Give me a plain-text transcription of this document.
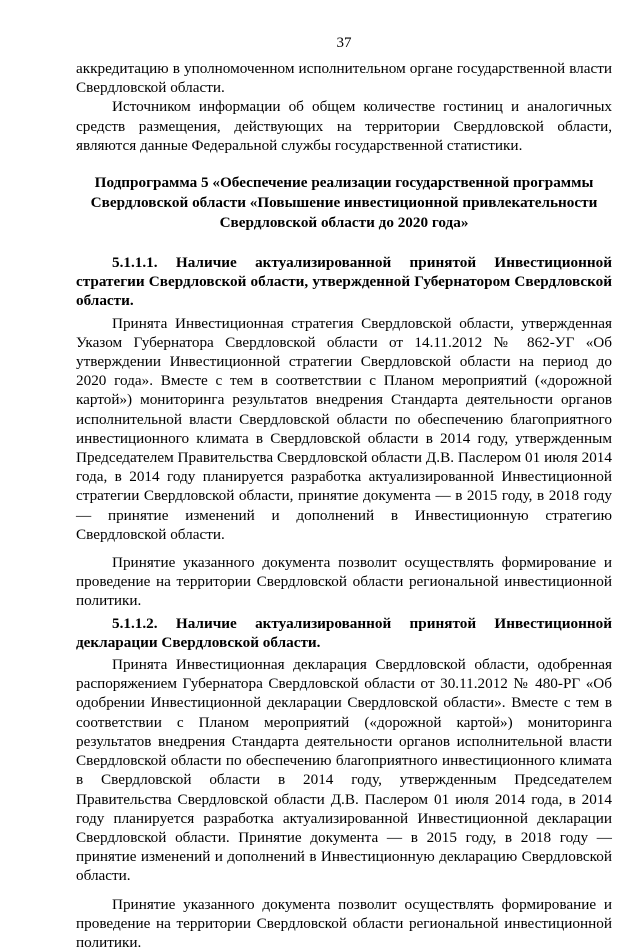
37

аккредитацию в уполномоченном исполнительном органе государственной власти Свердловской области.

Источником информации об общем количестве гостиниц и аналогичных средств размещения, действующих на территории Свердловской области, являются данные Федеральной службы государственной статистики.

Подпрограмма 5 «Обеспечение реализации государственной программы Свердловской области «Повышение инвестиционной привлекательности Свердловской области до 2020 года»

5.1.1.1. Наличие актуализированной принятой Инвестиционной стратегии Свердловской области, утвержденной Губернатором Свердловской области.

Принята Инвестиционная стратегия Свердловской области, утвержденная Указом Губернатора Свердловской области от 14.11.2012 № 862-УГ «Об утверждении Инвестиционной стратегии Свердловской области на период до 2020 года». Вместе с тем в соответствии с Планом мероприятий («дорожной картой») мониторинга результатов внедрения Стандарта деятельности органов исполнительной власти Свердловской области по обеспечению благоприятного инвестиционного климата в Свердловской области в 2014 году, утвержденным Председателем Правительства Свердловской области Д.В. Паслером 01 июля 2014 года, в 2014 году планируется разработка актуализированной Инвестиционной стратегии Свердловской области, принятие документа — в 2015 году, в 2018 году — принятие изменений и дополнений в Инвестиционную стратегию Свердловской области.

Принятие указанного документа позволит осуществлять формирование и проведение на территории Свердловской области региональной инвестиционной политики.

5.1.1.2. Наличие актуализированной принятой Инвестиционной декларации Свердловской области.

Принята Инвестиционная декларация Свердловской области, одобренная распоряжением Губернатора Свердловской области от 30.11.2012 № 480-РГ «Об одобрении Инвестиционной декларации Свердловской области». Вместе с тем в соответствии с Планом мероприятий («дорожной картой») мониторинга результатов внедрения Стандарта деятельности органов исполнительной власти Свердловской области по обеспечению благоприятного инвестиционного климата в Свердловской области в 2014 году, утвержденным Председателем Правительства Свердловской области Д.В. Паслером 01 июля 2014 года, в 2014 году планируется разработка актуализированной Инвестиционной декларации Свердловской области. Принятие документа — в 2015 году, в 2018 году — принятие изменений и дополнений в Инвестиционную декларацию Свердловской области.

Принятие указанного документа позволит осуществлять формирование и проведение на территории Свердловской области региональной инвестиционной политики.
